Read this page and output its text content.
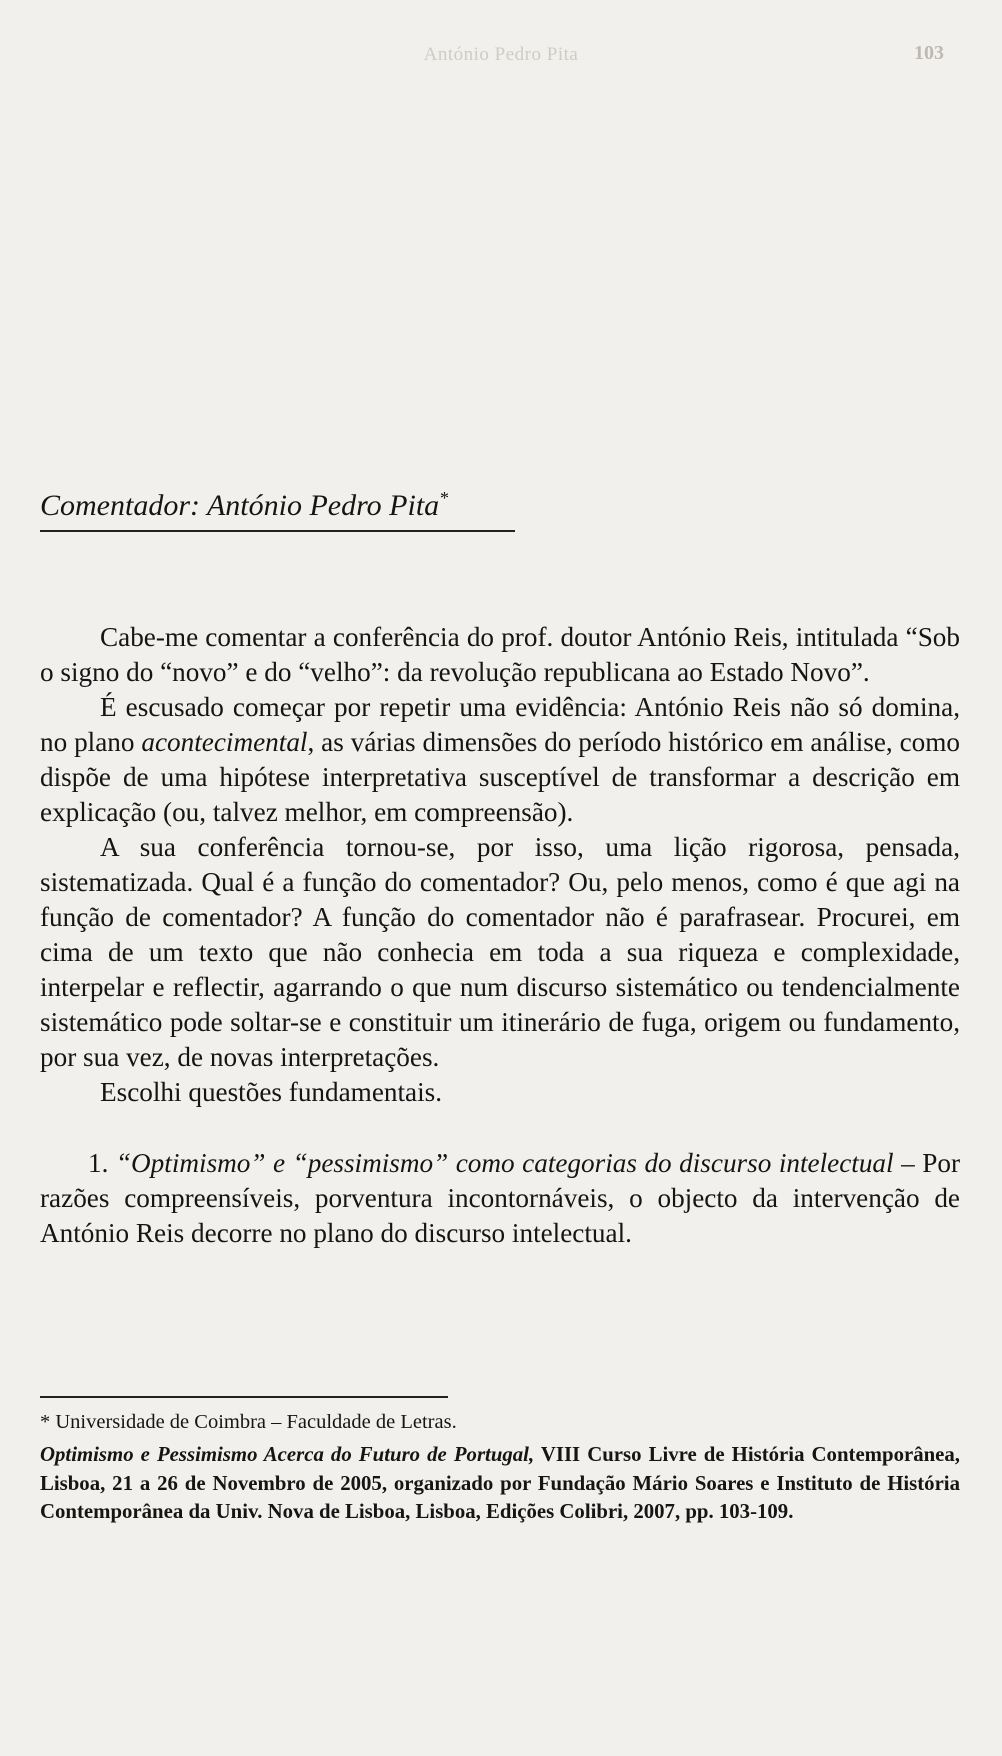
António Pedro Pita	103
Comentador: António Pedro Pita*

Cabe-me comentar a conferência do prof. doutor António Reis, intitulada “Sob o signo do “novo” e do “velho”: da revolução republicana ao Estado Novo”.

É escusado começar por repetir uma evidência: António Reis não só domina, no plano acontecimental, as várias dimensões do período histórico em análise, como dispõe de uma hipótese interpretativa susceptível de transformar a descrição em explicação (ou, talvez melhor, em compreensão).

A sua conferência tornou-se, por isso, uma lição rigorosa, pensada, sistematizada. Qual é a função do comentador? Ou, pelo menos, como é que agi na função de comentador? A função do comentador não é parafrasear. Procurei, em cima de um texto que não conhecia em toda a sua riqueza e complexidade, interpelar e reflectir, agarrando o que num discurso sistemático ou tendencialmente sistemático pode soltar-se e constituir um itinerário de fuga, origem ou fundamento, por sua vez, de novas interpretações.

Escolhi questões fundamentais.

1. “Optimismo” e “pessimismo” como categorias do discurso intelectual – Por razões compreensíveis, porventura incontornáveis, o objecto da intervenção de António Reis decorre no plano do discurso intelectual.

* Universidade de Coimbra – Faculdade de Letras.
Optimismo e Pessimismo Acerca do Futuro de Portugal, VIII Curso Livre de História Contemporânea, Lisboa, 21 a 26 de Novembro de 2005, organizado por Fundação Mário Soares e Instituto de História Contemporânea da Univ. Nova de Lisboa, Lisboa, Edições Colibri, 2007, pp. 103-109.
